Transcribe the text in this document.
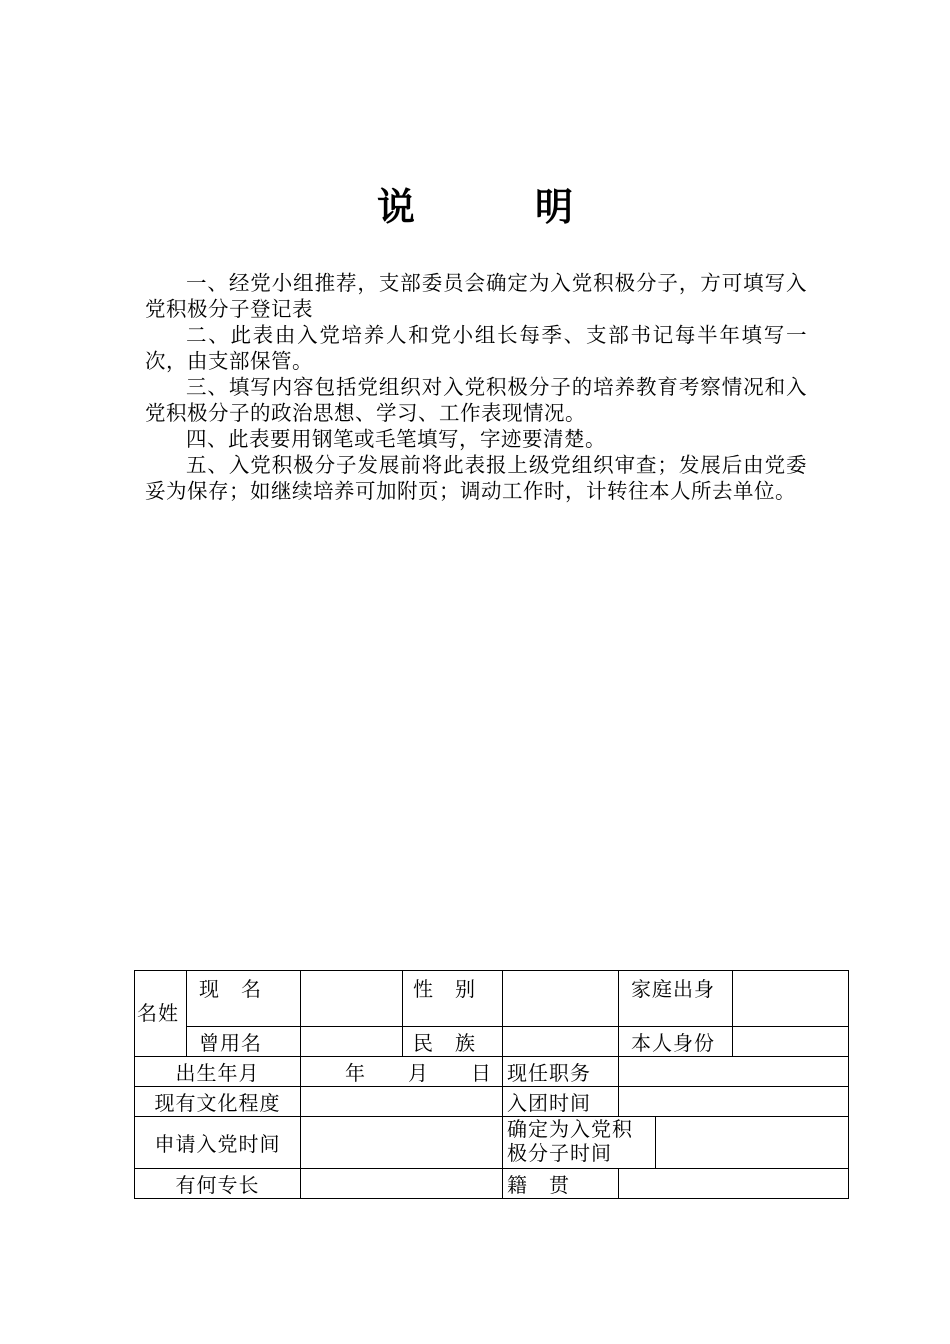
说	明

一、经党小组推荐，支部委员会确定为入党积极分子，方可填写入党积极分子登记表

二、此表由入党培养人和党小组长每季、支部书记每半年填写一次，由支部保管。

三、填写内容包括党组织对入党积极分子的培养教育考察情况和入党积极分子的政治思想、学习、工作表现情况。

四、此表要用钢笔或毛笔填写，字迹要清楚。

五、入党积极分子发展前将此表报上级党组织审查；发展后由党委妥为保存；如继续培养可加附页；调动工作时，计转往本人所去单位。

名姓	现　名		性　别		家庭出身		
	曾用名		民　族		本人身份		
出生年月		年　　月　　日		现任职务			
现有文化程度				入团时间			
申请入党时间				确定为入党积极分子时间			
有何专长				籍　贯			
